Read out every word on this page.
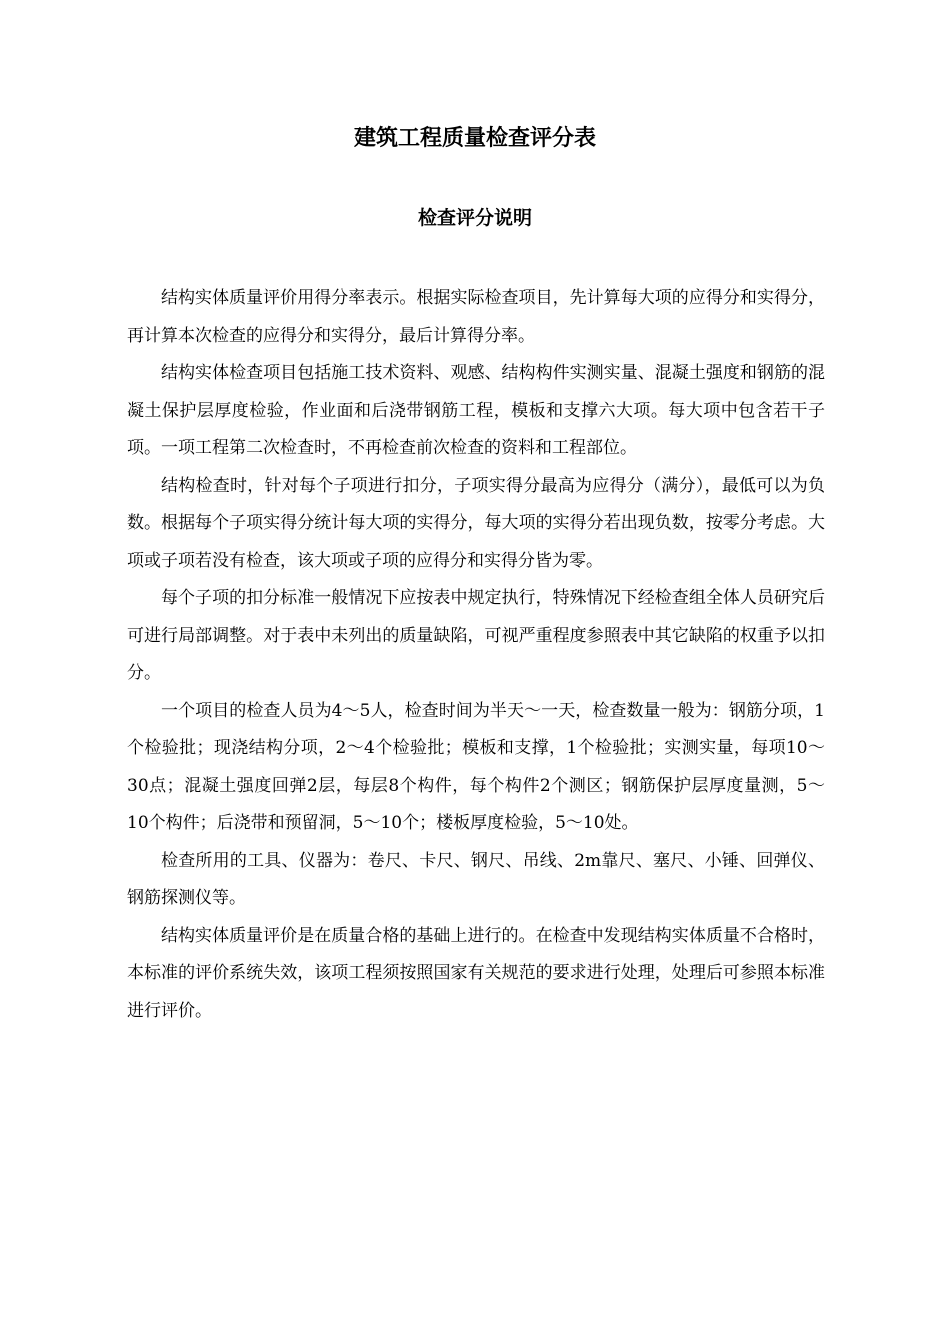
建筑工程质量检查评分表
检查评分说明

结构实体质量评价用得分率表示。根据实际检查项目，先计算每大项的应得分和实得分，再计算本次检查的应得分和实得分，最后计算得分率。

结构实体检查项目包括施工技术资料、观感、结构构件实测实量、混凝土强度和钢筋的混凝土保护层厚度检验，作业面和后浇带钢筋工程，模板和支撑六大项。每大项中包含若干子项。一项工程第二次检查时，不再检查前次检查的资料和工程部位。

结构检查时，针对每个子项进行扣分，子项实得分最高为应得分（满分），最低可以为负数。根据每个子项实得分统计每大项的实得分，每大项的实得分若出现负数，按零分考虑。大项或子项若没有检查，该大项或子项的应得分和实得分皆为零。

每个子项的扣分标准一般情况下应按表中规定执行，特殊情况下经检查组全体人员研究后可进行局部调整。对于表中未列出的质量缺陷，可视严重程度参照表中其它缺陷的权重予以扣分。

一个项目的检查人员为4～5人，检查时间为半天～一天，检查数量一般为：钢筋分项，1个检验批；现浇结构分项，2～4个检验批；模板和支撑，1个检验批；实测实量，每项10～30点；混凝土强度回弹2层，每层8个构件，每个构件2个测区；钢筋保护层厚度量测，5～10个构件；后浇带和预留洞，5～10个；楼板厚度检验，5～10处。

检查所用的工具、仪器为：卷尺、卡尺、钢尺、吊线、2m靠尺、塞尺、小锤、回弹仪、钢筋探测仪等。

结构实体质量评价是在质量合格的基础上进行的。在检查中发现结构实体质量不合格时，本标准的评价系统失效，该项工程须按照国家有关规范的要求进行处理，处理后可参照本标准进行评价。
